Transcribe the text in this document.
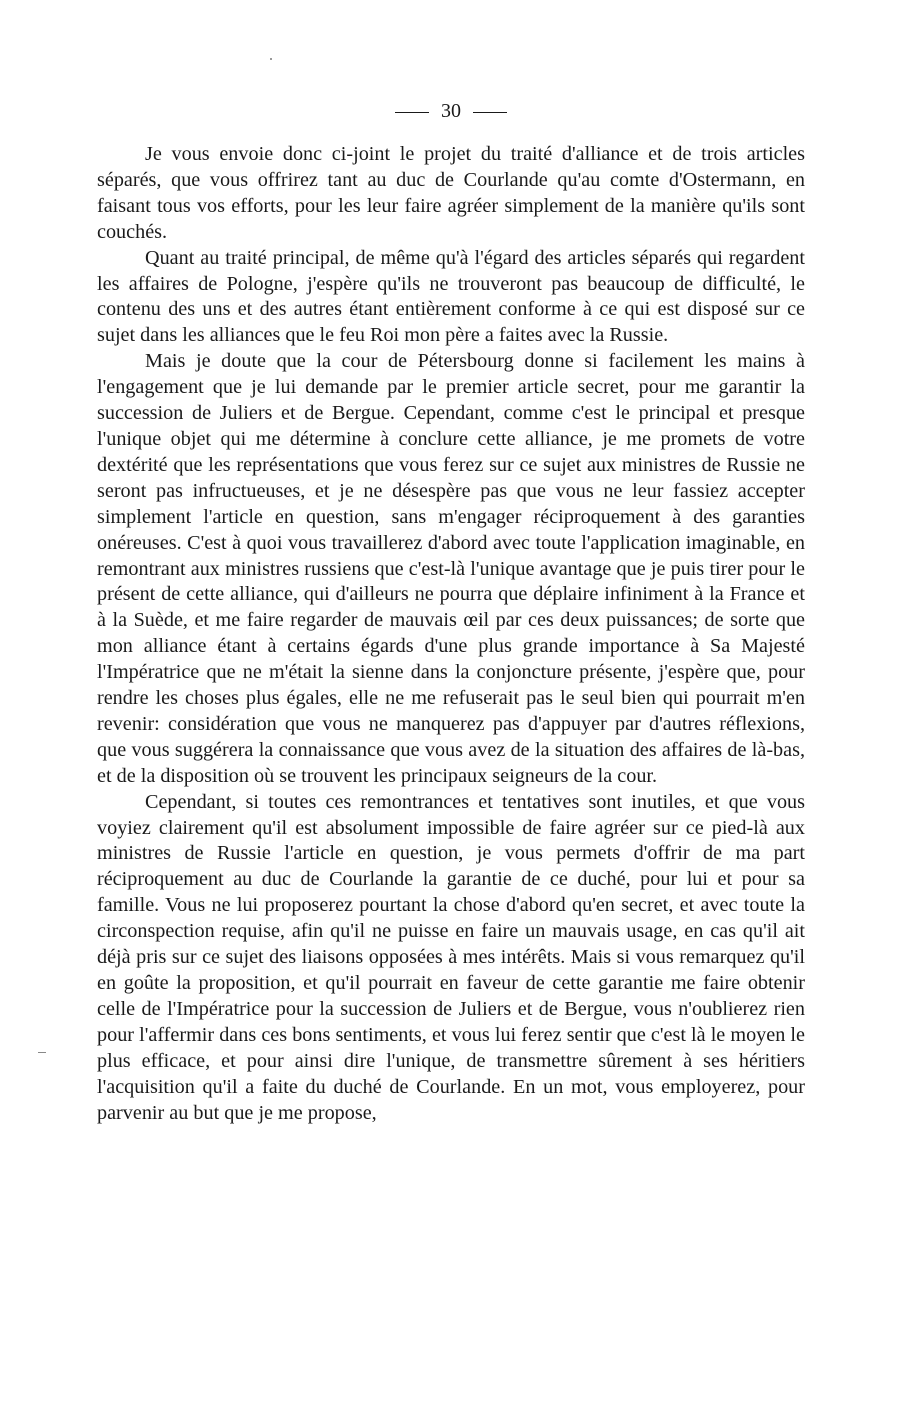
30

Je vous envoie donc ci-joint le projet du traité d'alliance et de trois articles séparés, que vous offrirez tant au duc de Courlande qu'au comte d'Ostermann, en faisant tous vos efforts, pour les leur faire agréer simplement de la manière qu'ils sont couchés.

Quant au traité principal, de même qu'à l'égard des articles séparés qui regardent les affaires de Pologne, j'espère qu'ils ne trouveront pas beaucoup de difficulté, le contenu des uns et des autres étant entièrement conforme à ce qui est disposé sur ce sujet dans les alliances que le feu Roi mon père a faites avec la Russie.

Mais je doute que la cour de Pétersbourg donne si facilement les mains à l'engagement que je lui demande par le premier article secret, pour me garantir la succession de Juliers et de Bergue. Cependant, comme c'est le principal et presque l'unique objet qui me détermine à conclure cette alliance, je me promets de votre dextérité que les représentations que vous ferez sur ce sujet aux ministres de Russie ne seront pas infructueuses, et je ne désespère pas que vous ne leur fassiez accepter simplement l'article en question, sans m'engager réciproquement à des garanties onéreuses. C'est à quoi vous travaillerez d'abord avec toute l'application imaginable, en remontrant aux ministres russiens que c'est-là l'unique avantage que je puis tirer pour le présent de cette alliance, qui d'ailleurs ne pourra que déplaire infiniment à la France et à la Suède, et me faire regarder de mauvais œil par ces deux puissances; de sorte que mon alliance étant à certains égards d'une plus grande importance à Sa Majesté l'Impératrice que ne m'était la sienne dans la conjoncture présente, j'espère que, pour rendre les choses plus égales, elle ne me refuserait pas le seul bien qui pourrait m'en revenir: considération que vous ne manquerez pas d'appuyer par d'autres réflexions, que vous suggérera la connaissance que vous avez de la situation des affaires de là-bas, et de la disposition où se trouvent les principaux seigneurs de la cour.

Cependant, si toutes ces remontrances et tentatives sont inutiles, et que vous voyiez clairement qu'il est absolument impossible de faire agréer sur ce pied-là aux ministres de Russie l'article en question, je vous permets d'offrir de ma part réciproquement au duc de Courlande la garantie de ce duché, pour lui et pour sa famille. Vous ne lui proposerez pourtant la chose d'abord qu'en secret, et avec toute la circonspection requise, afin qu'il ne puisse en faire un mauvais usage, en cas qu'il ait déjà pris sur ce sujet des liaisons opposées à mes intérêts. Mais si vous remarquez qu'il en goûte la proposition, et qu'il pourrait en faveur de cette garantie me faire obtenir celle de l'Impératrice pour la succession de Juliers et de Bergue, vous n'oublierez rien pour l'affermir dans ces bons sentiments, et vous lui ferez sentir que c'est là le moyen le plus efficace, et pour ainsi dire l'unique, de transmettre sûrement à ses héritiers l'acquisition qu'il a faite du duché de Courlande. En un mot, vous employerez, pour parvenir au but que je me propose,
